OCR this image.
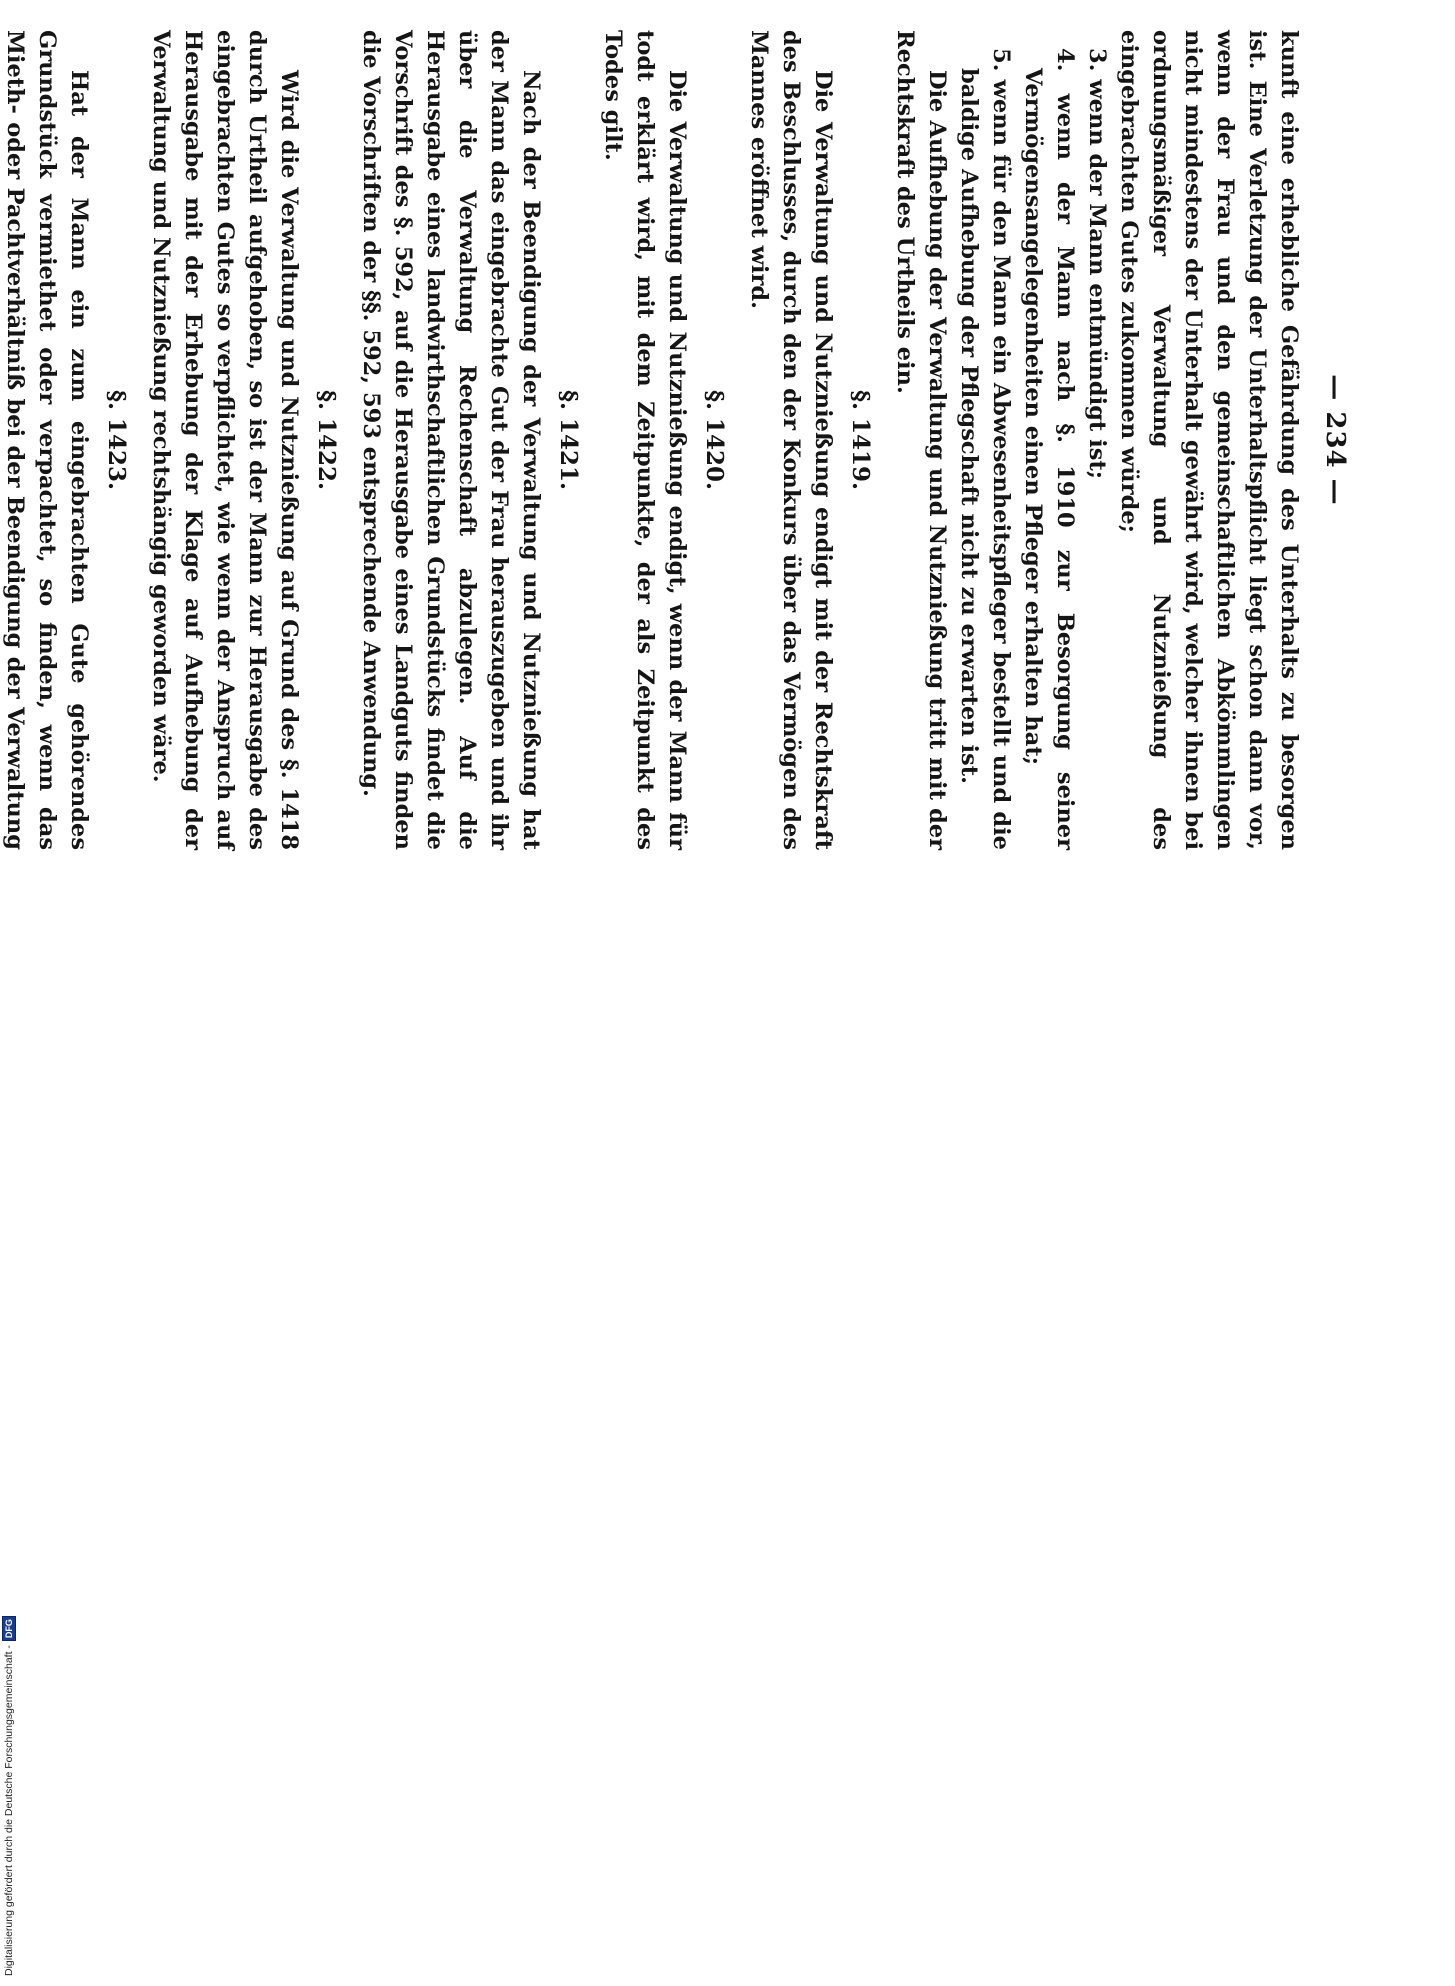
— 234 —

kunft eine erhebliche Gefährdung des Unterhalts zu besorgen ist. Eine Verletzung der Unterhaltspflicht liegt schon dann vor, wenn der Frau und den gemeinschaftlichen Abkömmlingen nicht mindestens der Unterhalt gewährt wird, welcher ihnen bei ordnungsmäßiger Verwaltung und Nutznießung des eingebrachten Gutes zukommen würde;

3. wenn der Mann entmündigt ist;

4. wenn der Mann nach §. 1910 zur Besorgung seiner Vermögensangelegenheiten einen Pfleger erhalten hat;

5. wenn für den Mann ein Abwesenheitspfleger bestellt und die baldige Aufhebung der Pflegschaft nicht zu erwarten ist.

Die Aufhebung der Verwaltung und Nutznießung tritt mit der Rechtskraft des Urtheils ein.

§. 1419.

Die Verwaltung und Nutznießung endigt mit der Rechtskraft des Beschlusses, durch den der Konkurs über das Vermögen des Mannes eröffnet wird.

§. 1420.

Die Verwaltung und Nutznießung endigt, wenn der Mann für todt erklärt wird, mit dem Zeitpunkte, der als Zeitpunkt des Todes gilt.

§. 1421.

Nach der Beendigung der Verwaltung und Nutznießung hat der Mann das eingebrachte Gut der Frau herauszugeben und ihr über die Verwaltung Rechenschaft abzulegen. Auf die Herausgabe eines landwirthschaftlichen Grundstücks findet die Vorschrift des §. 592, auf die Herausgabe eines Landguts finden die Vorschriften der §§. 592, 593 entsprechende Anwendung.

§. 1422.

Wird die Verwaltung und Nutznießung auf Grund des §. 1418 durch Urtheil aufgehoben, so ist der Mann zur Herausgabe des eingebrachten Gutes so verpflichtet, wie wenn der Anspruch auf Herausgabe mit der Erhebung der Klage auf Aufhebung der Verwaltung und Nutznießung rechtshängig geworden wäre.

§. 1423.

Hat der Mann ein zum eingebrachten Gute gehörendes Grundstück vermiethet oder verpachtet, so finden, wenn das Mieth- oder Pachtverhältniß bei der Beendigung der Verwaltung

Digitalisierung gefördert durch die Deutsche Forschungsgemeinschaft -
DFG
